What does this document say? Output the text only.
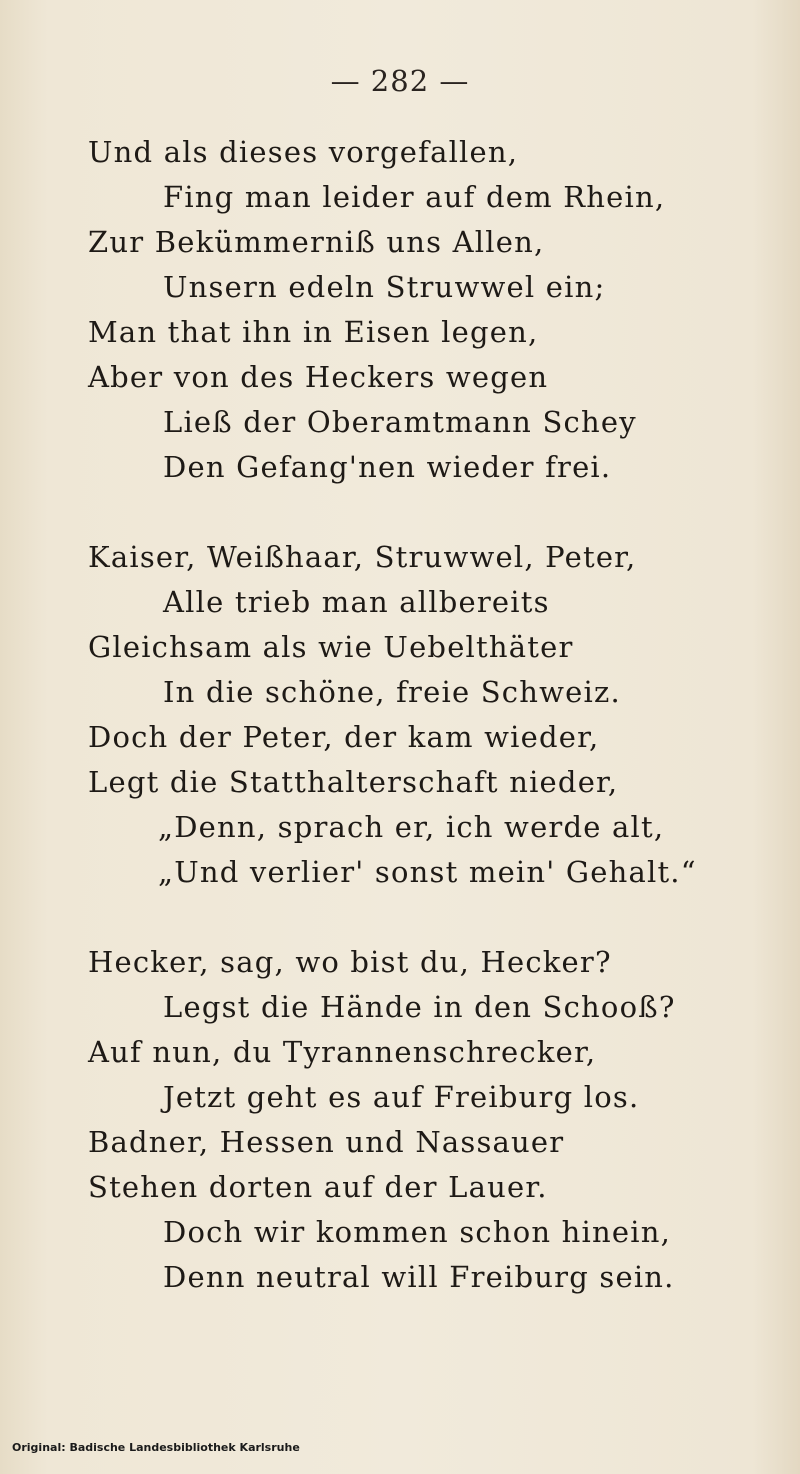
— 282 —
Und als dieses vorgefallen,
Fing man leider auf dem Rhein,
Zur Bekümmerniß uns Allen,
Unsern edeln Struwwel ein;
Man that ihn in Eisen legen,
Aber von des Heckers wegen
Ließ der Oberamtmann Schey
Den Gefang'nen wieder frei.
Kaiser, Weißhaar, Struwwel, Peter,
Alle trieb man allbereits
Gleichsam als wie Uebelthäter
In die schöne, freie Schweiz.
Doch der Peter, der kam wieder,
Legt die Statthalterschaft nieder,
„Denn, sprach er, ich werde alt,
„Und verlier' sonst mein' Gehalt.“
Hecker, sag, wo bist du, Hecker?
Legst die Hände in den Schooß?
Auf nun, du Tyrannenschrecker,
Jetzt geht es auf Freiburg los.
Badner, Hessen und Nassauer
Stehen dorten auf der Lauer.
Doch wir kommen schon hinein,
Denn neutral will Freiburg sein.
Original: Badische Landesbibliothek Karlsruhe
